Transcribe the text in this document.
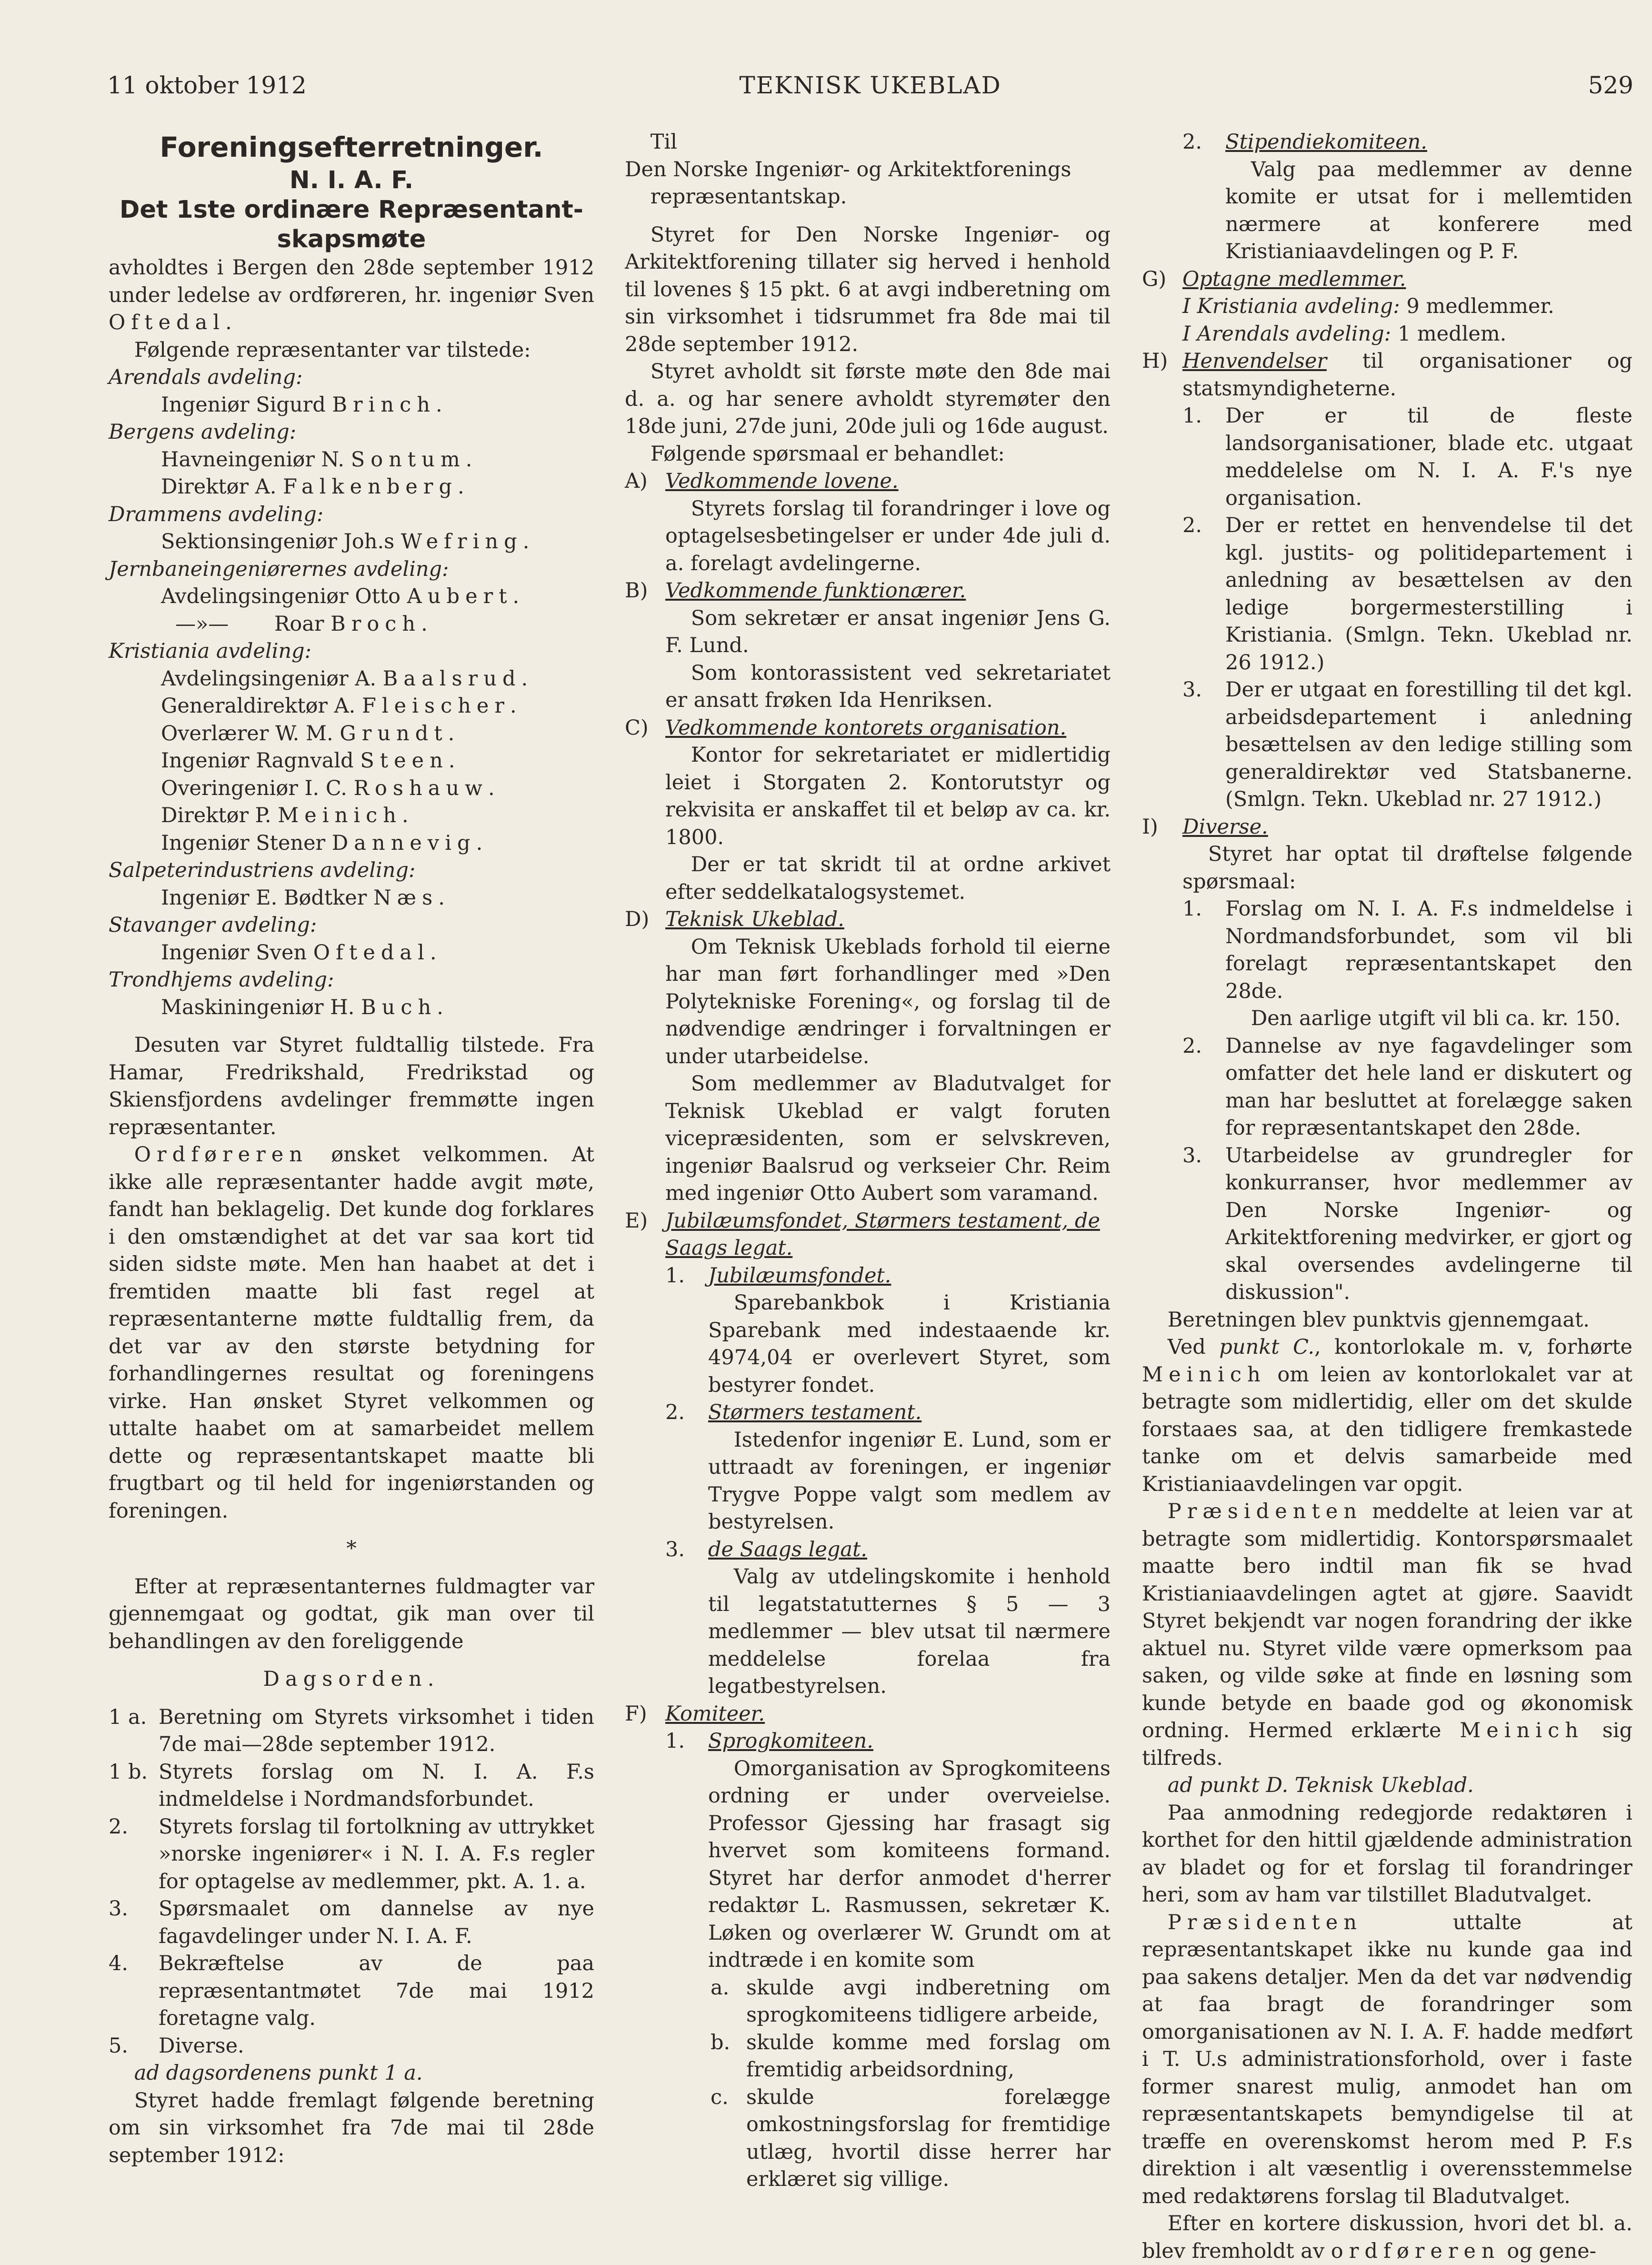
11 oktober 1912	TEKNISK UKEBLAD	529

Foreningsefterretninger.

N. I. A. F.

Det 1ste ordinære Repræsentant-

skapsmøte

avholdtes i Bergen den 28de september 1912 under ledelse av ordføreren, hr. ingeniør Sven Oftedal.

Følgende repræsentanter var tilstede:

Arendals avdeling:

Ingeniør Sigurd Brinch.

Bergens avdeling:

Havneingeniør N. Sontum.

Direktør A. Falkenberg.

Drammens avdeling:

Sektionsingeniør Joh.s Wefring.

Jernbaneingeniørernes avdeling:

Avdelingsingeniør Otto Aubert.

—»— Roar Broch.

Kristiania avdeling:

Avdelingsingeniør A. Baalsrud.

Generaldirektør A. Fleischer.

Overlærer W. M. Grundt.

Ingeniør Ragnvald Steen.

Overingeniør I. C. Roshauw.

Direktør P. Meinich.

Ingeniør Stener Dannevig.

Salpeterindustriens avdeling:

Ingeniør E. Bødtker Næs.

Stavanger avdeling:

Ingeniør Sven Oftedal.

Trondhjems avdeling:

Maskiningeniør H. Buch.

Desuten var Styret fuldtallig tilstede. Fra Hamar, Fredrikshald, Fredrikstad og Skiensfjordens avdelinger fremmøtte ingen repræsentanter.

Ordføreren ønsket velkommen. At ikke alle repræsentanter hadde avgit møte, fandt han beklagelig. Det kunde dog forklares i den omstændighet at det var saa kort tid siden sidste møte. Men han haabet at det i fremtiden maatte bli fast regel at repræsentanterne møtte fuldtallig frem, da det var av den største betydning for forhandlingernes resultat og foreningens virke. Han ønsket Styret velkommen og uttalte haabet om at samarbeidet mellem dette og repræsentantskapet maatte bli frugtbart og til held for ingeniørstanden og foreningen.

*

Efter at repræsentanternes fuldmagter var gjennemgaat og godtat, gik man over til behandlingen av den foreliggende

Dagsorden.

1 a. Beretning om Styrets virksomhet i tiden 7de mai—28de september 1912.
1 b. Styrets forslag om N. I. A. F.s indmeldelse i Nordmandsforbundet.
2.	Styrets forslag til fortolkning av uttrykket »norske ingeniører« i N. I. A. F.s regler for optagelse av medlemmer, pkt. A. 1. a.
3.	Spørsmaalet om dannelse av nye fagavdelinger under N. I. A. F.
4.	Bekræftelse av de paa repræsentantmøtet 7de mai 1912 foretagne valg.
5.	Diverse.

ad dagsordenens punkt 1 a.

Styret hadde fremlagt følgende beretning om sin virksomhet fra 7de mai til 28de september 1912:

Til

Den Norske Ingeniør- og Arkitektforenings

repræsentantskap.

Styret for Den Norske Ingeniør- og Arkitektforening tillater sig herved i henhold til lovenes § 15 pkt. 6 at avgi indberetning om sin virksomhet i tidsrummet fra 8de mai til 28de september 1912.

Styret avholdt sit første møte den 8de mai d. a. og har senere avholdt styremøter den 18de juni, 27de juni, 20de juli og 16de august.

Følgende spørsmaal er behandlet:

A) Vedkommende lovene.

Styrets forslag til forandringer i love og optagelsesbetingelser er under 4de juli d. a. forelagt avdelingerne.

B) Vedkommende funktionærer.

Som sekretær er ansat ingeniør Jens G. F. Lund.

Som kontorassistent ved sekretariatet er ansatt frøken Ida Henriksen.

C) Vedkommende kontorets organisation.

Kontor for sekretariatet er midlertidig leiet i Storgaten 2. Kontorutstyr og rekvisita er anskaffet til et beløp av ca. kr. 1800.

Der er tat skridt til at ordne arkivet efter seddelkatalogsystemet.

D) Teknisk Ukeblad.

Om Teknisk Ukeblads forhold til eierne har man ført forhandlinger med »Den Polytekniske Forening«, og forslag til de nødvendige ændringer i forvaltningen er under utarbeidelse.

Som medlemmer av Bladutvalget for Teknisk Ukeblad er valgt foruten vicepræsidenten, som er selvskreven, ingeniør Baalsrud og verkseier Chr. Reim med ingeniør Otto Aubert som varamand.

E) Jubilæumsfondet, Størmers testament, de Saags legat.
1.	Jubilæumsfondet.

Sparebankbok i Kristiania Sparebank med indestaaende kr. 4974,04 er overlevert Styret, som bestyrer fondet.

2.	Størmers testament.

Istedenfor ingeniør E. Lund, som er uttraadt av foreningen, er ingeniør Trygve Poppe valgt som medlem av bestyrelsen.

3.	de Saags legat.

Valg av utdelingskomite i henhold til legatstatutternes § 5 — 3 medlemmer — blev utsat til nærmere meddelelse forelaa fra legatbestyrelsen.

F) Komiteer.
1.	Sprogkomiteen.

Omorganisation av Sprogkomiteens ordning er under overveielse. Professor Gjessing har frasagt sig hvervet som komiteens formand. Styret har derfor anmodet d'herrer redaktør L. Rasmussen, sekretær K. Løken og overlærer W. Grundt om at indtræde i en komite som

a. skulde avgi indberetning om sprogkomiteens tidligere arbeide,
b. skulde komme med forslag om fremtidig arbeidsordning,
c. skulde forelægge omkostningsforslag for fremtidige utlæg, hvortil disse herrer har erklæret sig villige.
2.	Stipendiekomiteen.

Valg paa medlemmer av denne komite er utsat for i mellemtiden nærmere at konferere med Kristianiaavdelingen og P. F.

G) Optagne medlemmer.

I Kristiania avdeling: 9 medlemmer.

I Arendals avdeling: 1 medlem.

H) Henvendelser til organisationer og statsmyndigheterne.
1.	Der er til de fleste landsorganisationer, blade etc. utgaat meddelelse om N. I. A. F.'s nye organisation.
2.	Der er rettet en henvendelse til det kgl. justits- og politidepartement i anledning av besættelsen av den ledige borgermesterstilling i Kristiania. (Smlgn. Tekn. Ukeblad nr. 26 1912.)
3.	Der er utgaat en forestilling til det kgl. arbeidsdepartement i anledning besættelsen av den ledige stilling som generaldirektør ved Statsbanerne. (Smlgn. Tekn. Ukeblad nr. 27 1912.)
I)	Diverse.

Styret har optat til drøftelse følgende spørsmaal:

1.	Forslag om N. I. A. F.s indmeldelse i Nordmandsforbundet, som vil bli forelagt repræsentantskapet den 28de.

Den aarlige utgift vil bli ca. kr. 150.

2.	Dannelse av nye fagavdelinger som omfatter det hele land er diskutert og man har besluttet at forelægge saken for repræsentantskapet den 28de.
3.	Utarbeidelse av grundregler for konkurranser, hvor medlemmer av Den Norske Ingeniør- og Arkitektforening medvirker, er gjort og skal oversendes avdelingerne til diskussion".

Beretningen blev punktvis gjennemgaat.

Ved punkt C., kontorlokale m. v, forhørte Meinich om leien av kontorlokalet var at betragte som midlertidig, eller om det skulde forstaaes saa, at den tidligere fremkastede tanke om et delvis samarbeide med Kristianiaavdelingen var opgit.

Præsidenten meddelte at leien var at betragte som midlertidig. Kontorspørsmaalet maatte bero indtil man fik se hvad Kristianiaavdelingen agtet at gjøre. Saavidt Styret bekjendt var nogen forandring der ikke aktuel nu. Styret vilde være opmerksom paa saken, og vilde søke at finde en løsning som kunde betyde en baade god og økonomisk ordning. Hermed erklærte Meinich sig tilfreds.

ad punkt D. Teknisk Ukeblad.

Paa anmodning redegjorde redaktøren i korthet for den hittil gjældende administration av bladet og for et forslag til forandringer heri, som av ham var tilstillet Bladutvalget.

Præsidenten uttalte at repræsentantskapet ikke nu kunde gaa ind paa sakens detaljer. Men da det var nødvendig at faa bragt de forandringer som omorganisationen av N. I. A. F. hadde medført i T. U.s administrationsforhold, over i faste former snarest mulig, anmodet han om repræsentantskapets bemyndigelse til at træffe en overenskomst herom med P. F.s direktion i alt væsentlig i overensstemmelse med redaktørens forslag til Bladutvalget.

Efter en kortere diskussion, hvori det bl. a. blev fremholdt av ordføreren og gene-
